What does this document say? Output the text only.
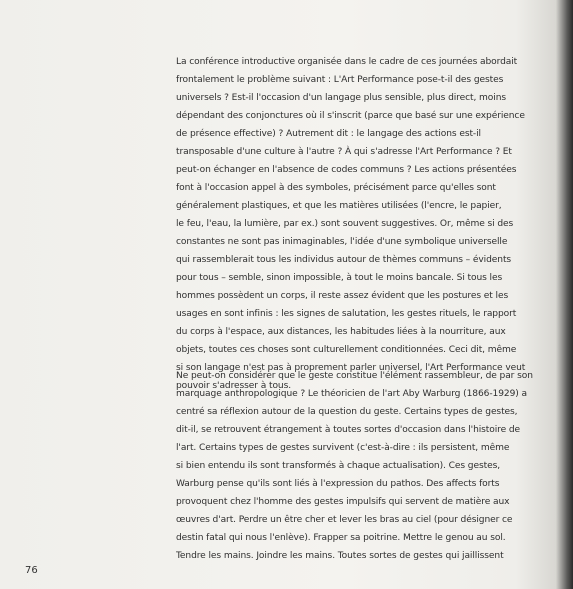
La conférence introductive organisée dans le cadre de ces journées abordait
frontalement le problème suivant : L'Art Performance pose-t-il des gestes
universels ? Est-il l'occasion d'un langage plus sensible, plus direct, moins
dépendant des conjonctures où il s'inscrit (parce que basé sur une expérience
de présence effective) ? Autrement dit : le langage des actions est-il
transposable d'une culture à l'autre ? À qui s'adresse l'Art Performance ? Et
peut-on échanger en l'absence de codes communs ? Les actions présentées
font à l'occasion appel à des symboles, précisément parce qu'elles sont
généralement plastiques, et que les matières utilisées (l'encre, le papier,
le feu, l'eau, la lumière, par ex.) sont souvent suggestives. Or, même si des
constantes ne sont pas inimaginables, l'idée d'une symbolique universelle
qui rassemblerait tous les individus autour de thèmes communs – évidents
pour tous – semble, sinon impossible, à tout le moins bancale. Si tous les
hommes possèdent un corps, il reste assez évident que les postures et les
usages en sont infinis : les signes de salutation, les gestes rituels, le rapport
du corps à l'espace, aux distances, les habitudes liées à la nourriture, aux
objets, toutes ces choses sont culturellement conditionnées. Ceci dit, même
si son langage n'est pas à proprement parler universel, l'Art Performance veut
pouvoir s'adresser à tous.
Ne peut-on considérer que le geste constitue l'élément rassembleur, de par son
marquage anthropologique ? Le théoricien de l'art Aby Warburg (1866-1929) a
centré sa réflexion autour de la question du geste. Certains types de gestes,
dit-il, se retrouvent étrangement à toutes sortes d'occasion dans l'histoire de
l'art. Certains types de gestes survivent (c'est-à-dire : ils persistent, même
si bien entendu ils sont transformés à chaque actualisation). Ces gestes,
Warburg pense qu'ils sont liés à l'expression du pathos. Des affects forts
provoquent chez l'homme des gestes impulsifs qui servent de matière aux
œuvres d'art. Perdre un être cher et lever les bras au ciel (pour désigner ce
destin fatal qui nous l'enlève). Frapper sa poitrine. Mettre le genou au sol.
Tendre les mains. Joindre les mains. Toutes sortes de gestes qui jaillissent
76
